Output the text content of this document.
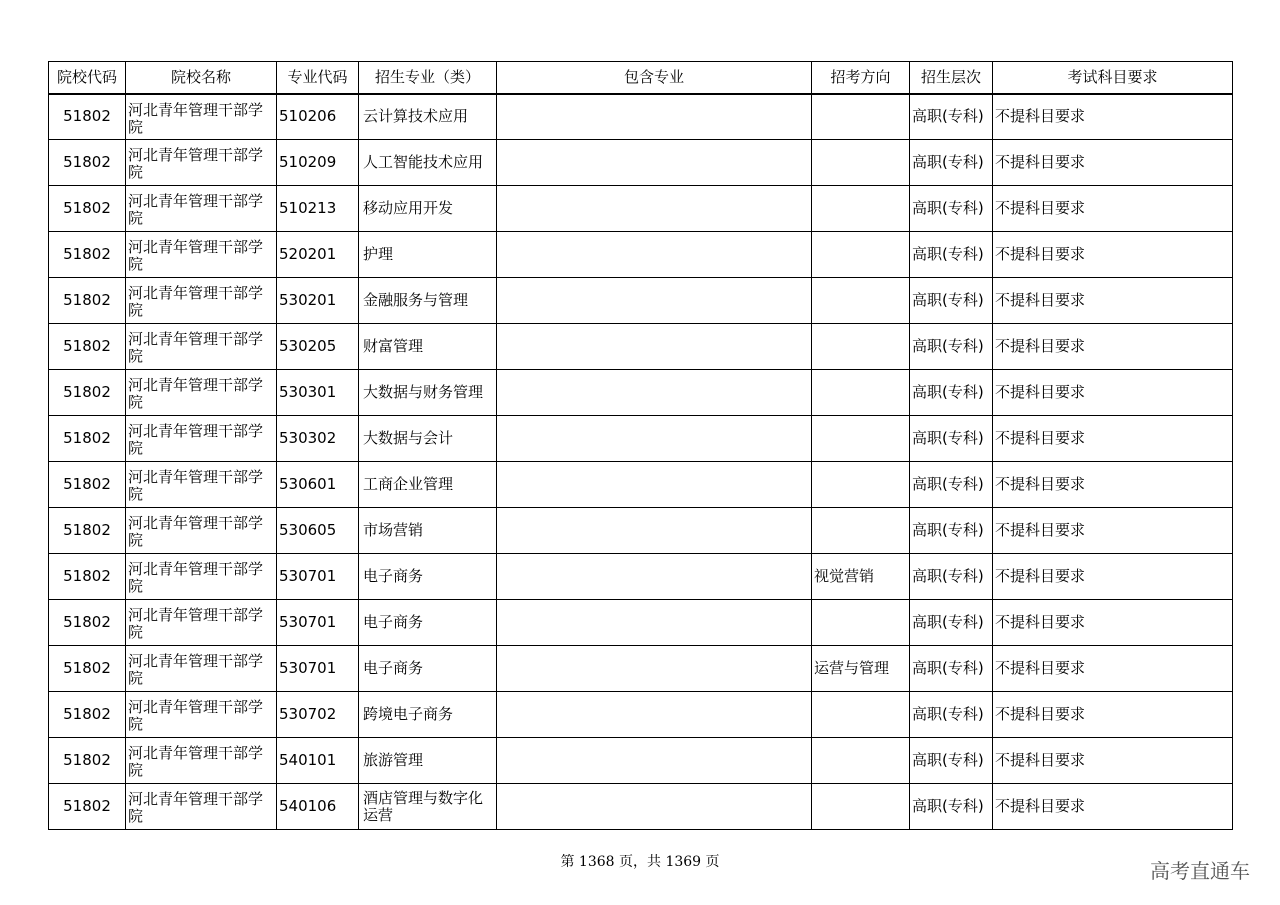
院校代码	院校名称	专业代码	招生专业（类）	包含专业	招考方向	招生层次	考试科目要求
51802	河北青年管理干部学院	510206	云计算技术应用			高职(专科)	不提科目要求
51802	河北青年管理干部学院	510209	人工智能技术应用			高职(专科)	不提科目要求
51802	河北青年管理干部学院	510213	移动应用开发			高职(专科)	不提科目要求
51802	河北青年管理干部学院	520201	护理			高职(专科)	不提科目要求
51802	河北青年管理干部学院	530201	金融服务与管理			高职(专科)	不提科目要求
51802	河北青年管理干部学院	530205	财富管理			高职(专科)	不提科目要求
51802	河北青年管理干部学院	530301	大数据与财务管理			高职(专科)	不提科目要求
51802	河北青年管理干部学院	530302	大数据与会计			高职(专科)	不提科目要求
51802	河北青年管理干部学院	530601	工商企业管理			高职(专科)	不提科目要求
51802	河北青年管理干部学院	530605	市场营销			高职(专科)	不提科目要求
51802	河北青年管理干部学院	530701	电子商务		视觉营销	高职(专科)	不提科目要求
51802	河北青年管理干部学院	530701	电子商务			高职(专科)	不提科目要求
51802	河北青年管理干部学院	530701	电子商务		运营与管理	高职(专科)	不提科目要求
51802	河北青年管理干部学院	530702	跨境电子商务			高职(专科)	不提科目要求
51802	河北青年管理干部学院	540101	旅游管理			高职(专科)	不提科目要求
51802	河北青年管理干部学院	540106	酒店管理与数字化运营			高职(专科)	不提科目要求
第 1368 页，共 1369 页	高考直通车
